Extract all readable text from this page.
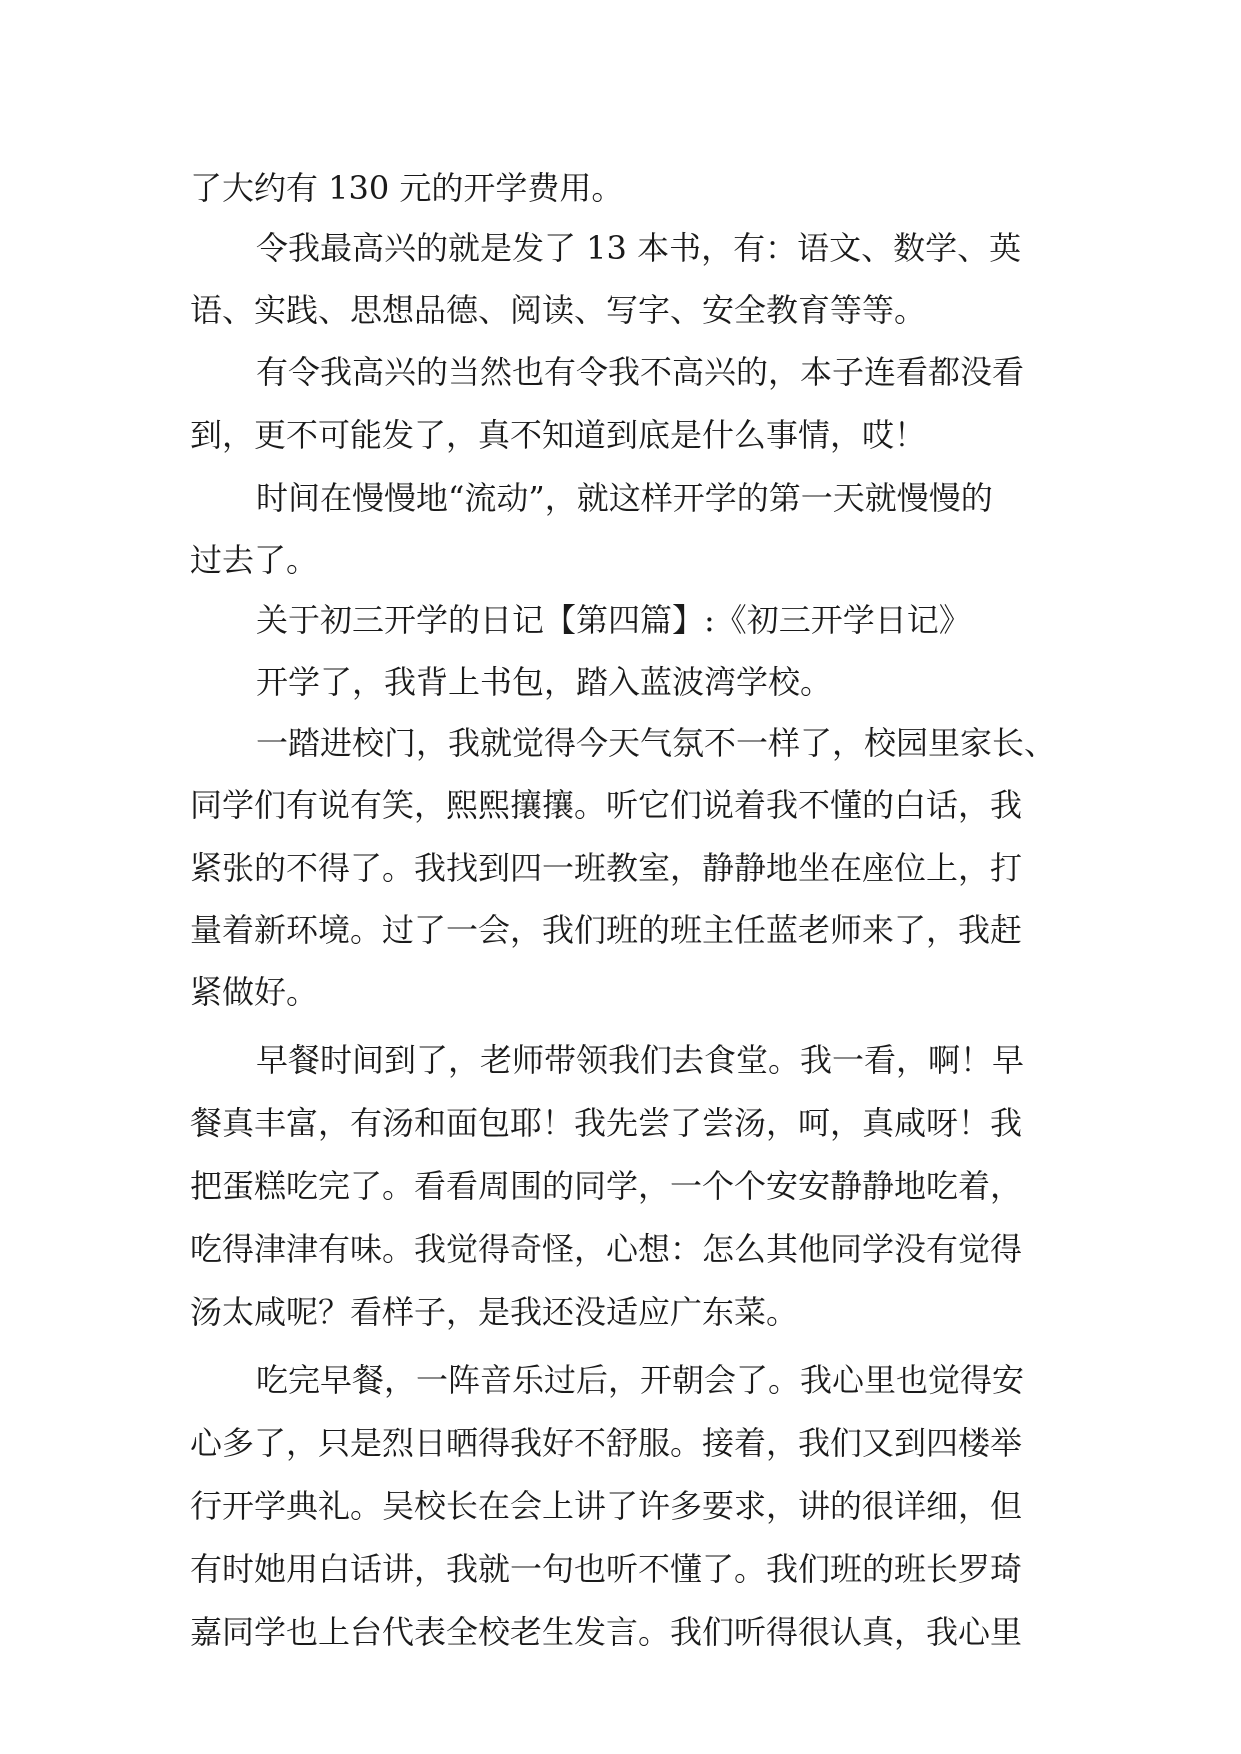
了大约有 130 元的开学费用。
令我最高兴的就是发了 13 本书，有：语文、数学、英
语、实践、思想品德、阅读、写字、安全教育等等。
有令我高兴的当然也有令我不高兴的，本子连看都没看
到，更不可能发了，真不知道到底是什么事情，哎！
时间在慢慢地“流动”，就这样开学的第一天就慢慢的
过去了。
关于初三开学的日记【第四篇】:《初三开学日记》
开学了，我背上书包，踏入蓝波湾学校。
一踏进校门，我就觉得今天气氛不一样了，校园里家长、
同学们有说有笑，熙熙攘攘。听它们说着我不懂的白话，我
紧张的不得了。我找到四一班教室，静静地坐在座位上，打
量着新环境。过了一会，我们班的班主任蓝老师来了，我赶
紧做好。
早餐时间到了，老师带领我们去食堂。我一看，啊！早
餐真丰富，有汤和面包耶！我先尝了尝汤，呵，真咸呀！我
把蛋糕吃完了。看看周围的同学，一个个安安静静地吃着，
吃得津津有味。我觉得奇怪，心想：怎么其他同学没有觉得
汤太咸呢？看样子，是我还没适应广东菜。
吃完早餐，一阵音乐过后，开朝会了。我心里也觉得安
心多了，只是烈日晒得我好不舒服。接着，我们又到四楼举
行开学典礼。吴校长在会上讲了许多要求，讲的很详细，但
有时她用白话讲，我就一句也听不懂了。我们班的班长罗琦
嘉同学也上台代表全校老生发言。我们听得很认真，我心里
